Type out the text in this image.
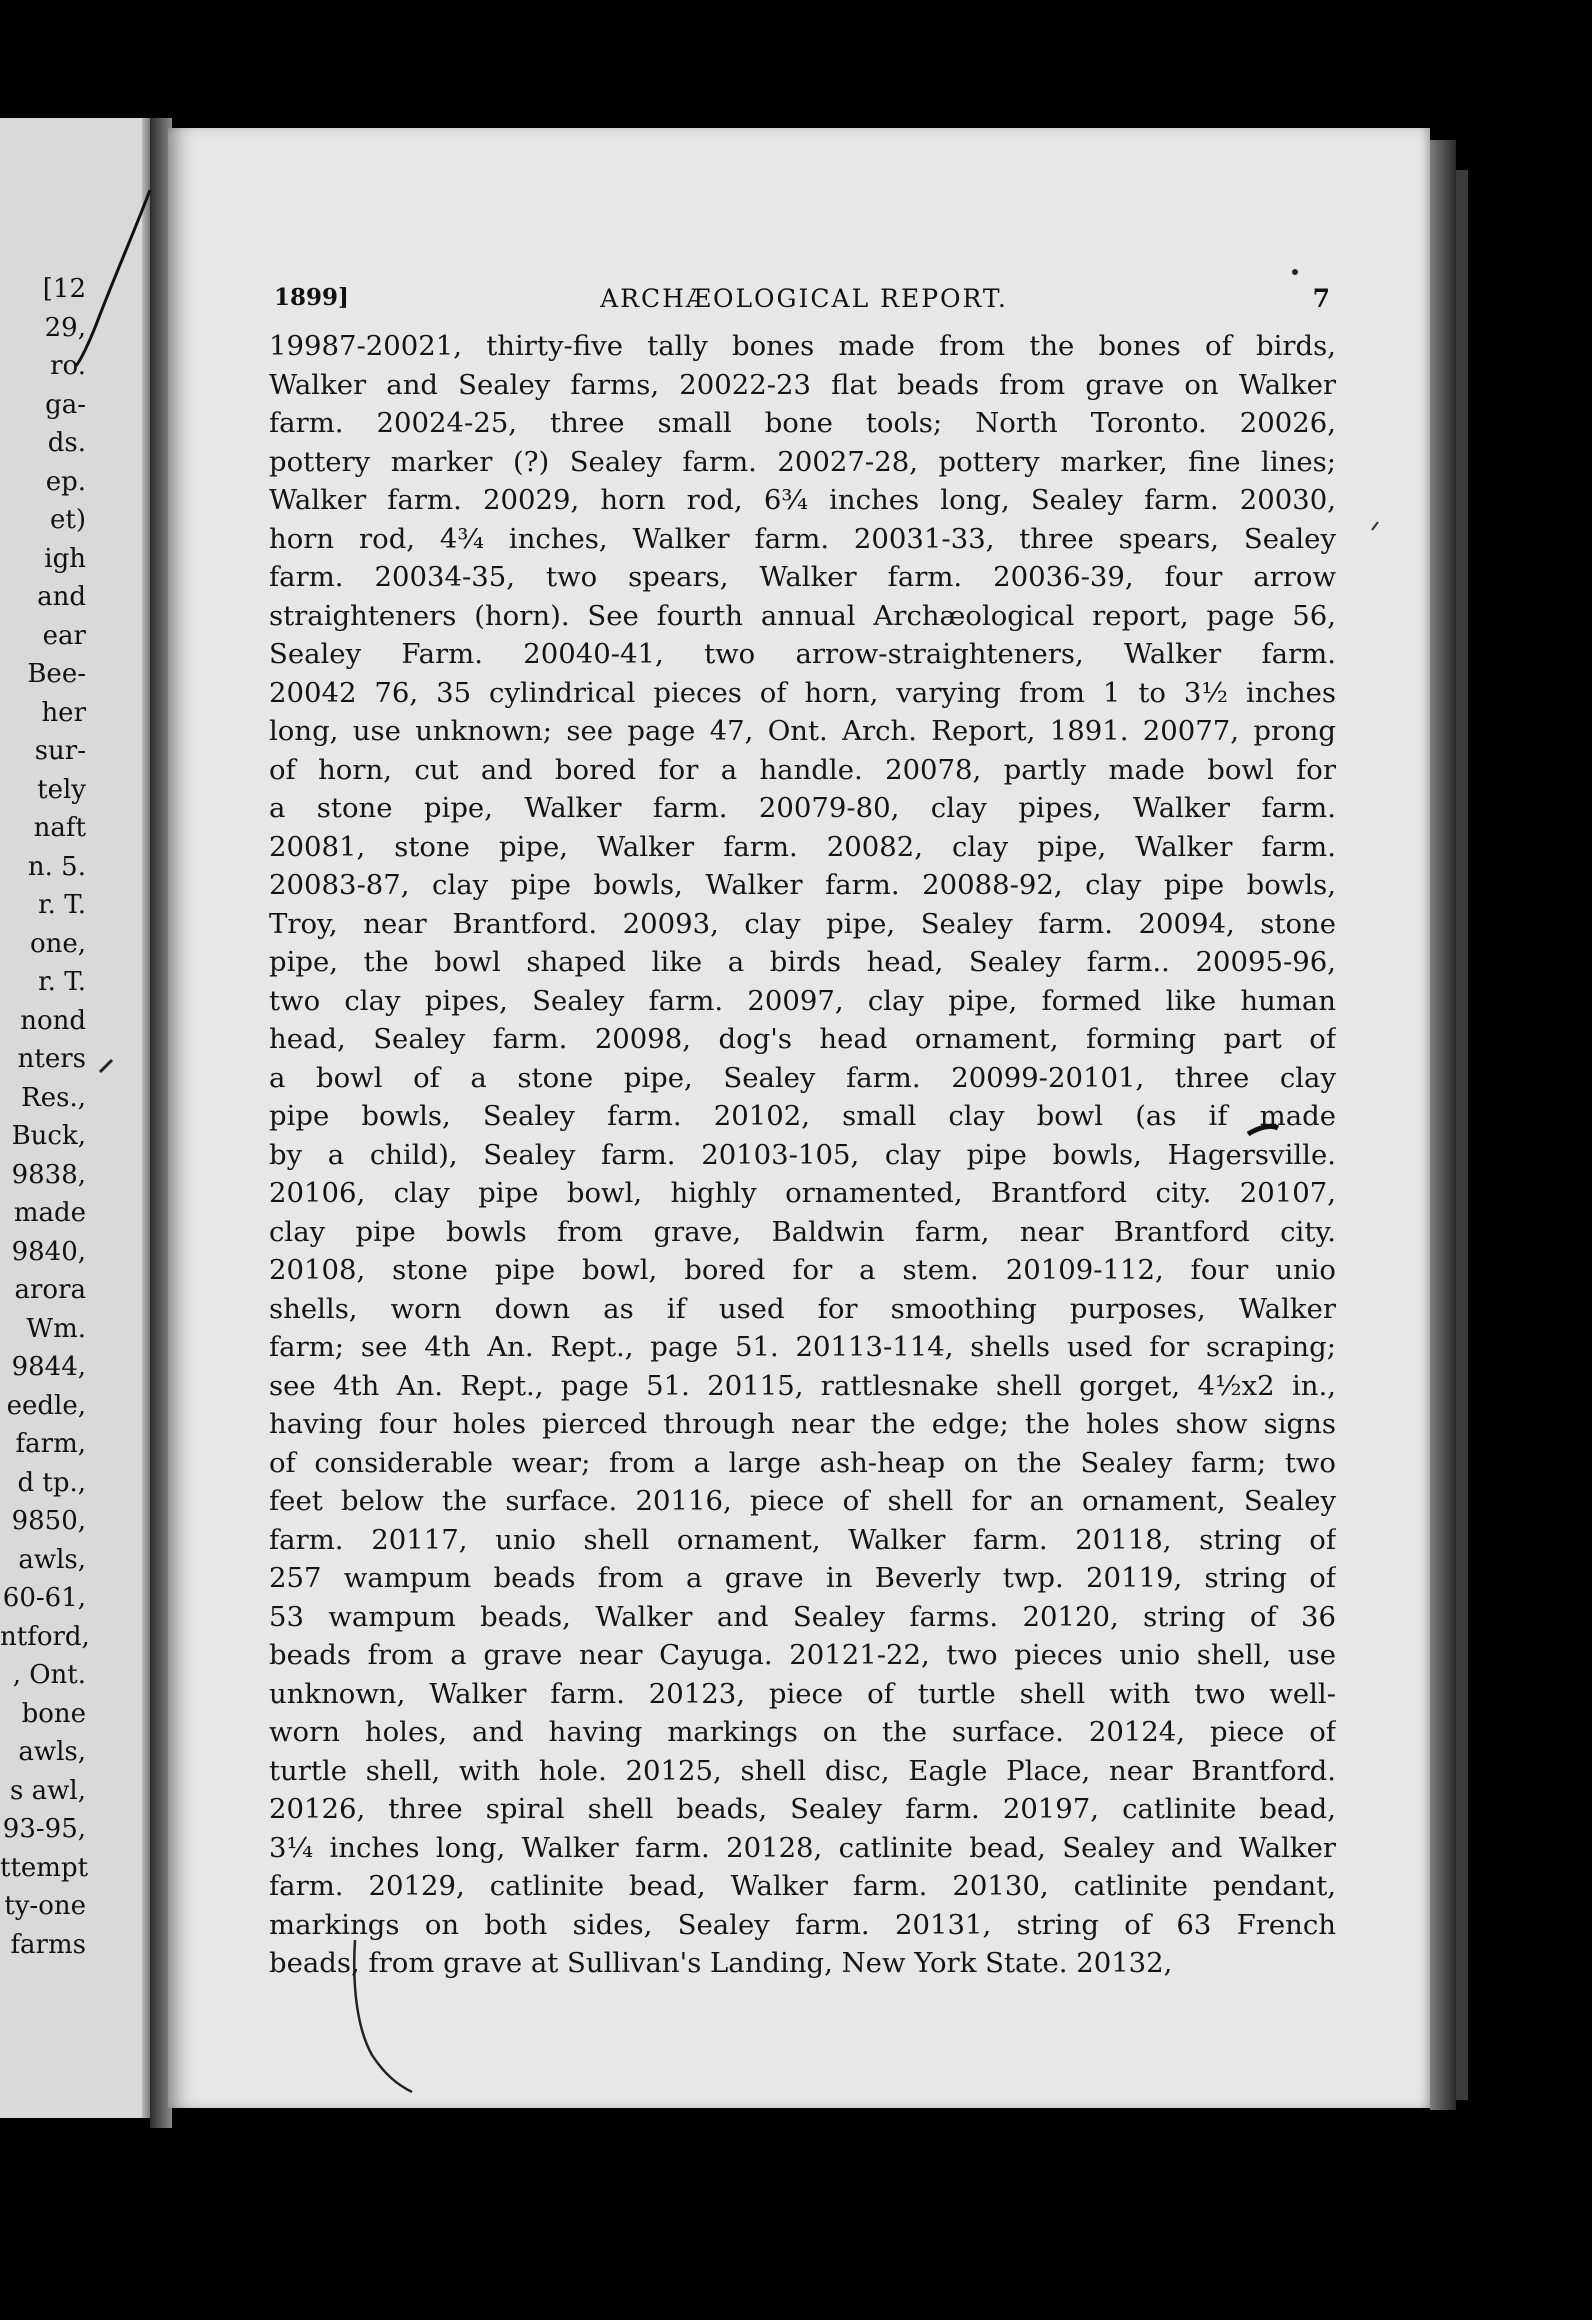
[12
29,
ro.
ga-
ds.
ep.
et)
igh
and
ear
Bee-
her
sur-
tely
naft
n. 5.
r. T.
one,
r. T.
nond
nters
Res.,
Buck,
9838,
made
9840,
arora
Wm.
9844,
eedle,
farm,
d tp.,
9850,
awls,
60-61,
ntford,
, Ont.
bone
awls,
s awl,
93-95,
ttempt
ty-one
farms
1899]	ARCHÆOLOGICAL REPORT.	7
19987-20021, thirty-five tally bones made from the bones of birds,
Walker and Sealey farms, 20022-23 flat beads from grave on Walker
farm. 20024-25, three small bone tools; North Toronto. 20026,
pottery marker (?) Sealey farm. 20027-28, pottery marker, fine lines;
Walker farm. 20029, horn rod, 6¾ inches long, Sealey farm. 20030,
horn rod, 4¾ inches, Walker farm. 20031-33, three spears, Sealey
farm. 20034-35, two spears, Walker farm. 20036-39, four arrow
straighteners (horn). See fourth annual Archæological report, page 56,
Sealey Farm. 20040-41, two arrow-straighteners, Walker farm.
20042 76, 35 cylindrical pieces of horn, varying from 1 to 3½ inches
long, use unknown; see page 47, Ont. Arch. Report, 1891. 20077, prong
of horn, cut and bored for a handle. 20078, partly made bowl for
a stone pipe, Walker farm. 20079-80, clay pipes, Walker farm.
20081, stone pipe, Walker farm. 20082, clay pipe, Walker farm.
20083-87, clay pipe bowls, Walker farm. 20088-92, clay pipe bowls,
Troy, near Brantford. 20093, clay pipe, Sealey farm. 20094, stone
pipe, the bowl shaped like a birds head, Sealey farm.. 20095-96,
two clay pipes, Sealey farm. 20097, clay pipe, formed like human
head, Sealey farm. 20098, dog's head ornament, forming part of
a bowl of a stone pipe, Sealey farm. 20099-20101, three clay
pipe bowls, Sealey farm. 20102, small clay bowl (as if made
by a child), Sealey farm. 20103-105, clay pipe bowls, Hagersville.
20106, clay pipe bowl, highly ornamented, Brantford city. 20107,
clay pipe bowls from grave, Baldwin farm, near Brantford city.
20108, stone pipe bowl, bored for a stem. 20109-112, four unio
shells, worn down as if used for smoothing purposes, Walker
farm; see 4th An. Rept., page 51. 20113-114, shells used for scraping;
see 4th An. Rept., page 51. 20115, rattlesnake shell gorget, 4½x2 in.,
having four holes pierced through near the edge; the holes show signs
of considerable wear; from a large ash-heap on the Sealey farm; two
feet below the surface. 20116, piece of shell for an ornament, Sealey
farm. 20117, unio shell ornament, Walker farm. 20118, string of
257 wampum beads from a grave in Beverly twp. 20119, string of
53 wampum beads, Walker and Sealey farms. 20120, string of 36
beads from a grave near Cayuga. 20121-22, two pieces unio shell, use
unknown, Walker farm. 20123, piece of turtle shell with two well-
worn holes, and having markings on the surface. 20124, piece of
turtle shell, with hole. 20125, shell disc, Eagle Place, near Brantford.
20126, three spiral shell beads, Sealey farm. 20197, catlinite bead,
3¼ inches long, Walker farm. 20128, catlinite bead, Sealey and Walker
farm. 20129, catlinite bead, Walker farm. 20130, catlinite pendant,
markings on both sides, Sealey farm. 20131, string of 63 French
beads, from grave at Sullivan's Landing, New York State. 20132,
